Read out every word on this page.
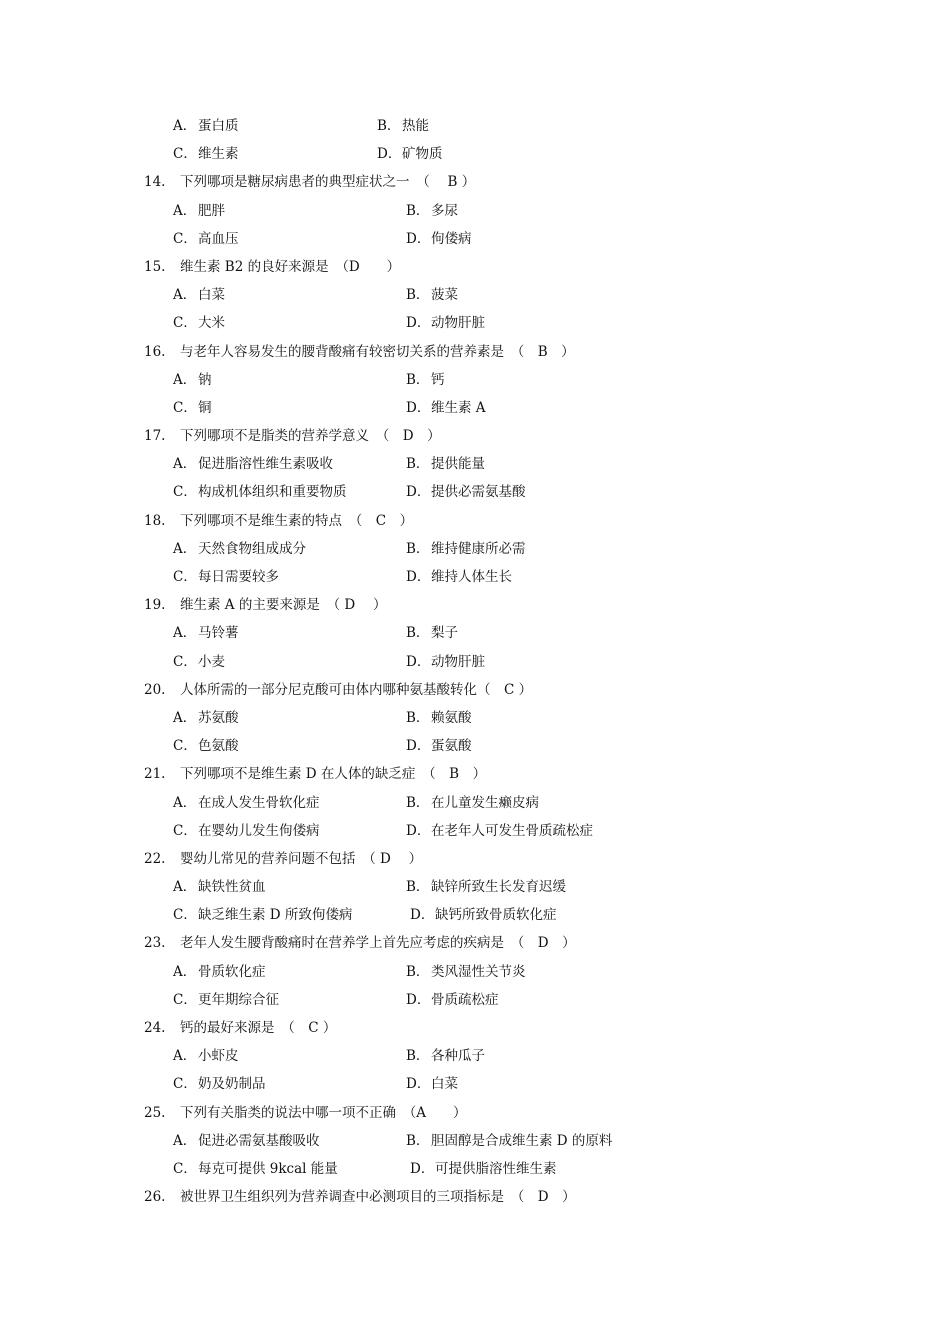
A． 蛋白质	B． 热能
C．维生素	D．矿物质
14. 下列哪项是糖尿病患者的典型症状之一　（　 B ）
A． 肥胖	B． 多尿
C．高血压	D．佝偻病
15. 维生素 B2 的良好来源是　（D　　）
A． 白菜	B． 菠菜
C．大米	D．动物肝脏
16. 与老年人容易发生的腰背酸痛有较密切关系的营养素是　（　B　）
A． 钠	B． 钙
C．铜	D．维生素 A
17. 下列哪项不是脂类的营养学意义　（　D　）
A． 促进脂溶性维生素吸收	B． 提供能量
C．构成机体组织和重要物质	D．提供必需氨基酸
18. 下列哪项不是维生素的特点　（　C　）
A． 天然食物组成成分	B． 维持健康所必需
C．每日需要较多	D．维持人体生长
19. 维生素 A 的主要来源是　（ D　 ）
A． 马铃薯	B． 梨子
C．小麦	D．动物肝脏
20. 人体所需的一部分尼克酸可由体内哪种氨基酸转化（　C ）
A． 苏氨酸	B． 赖氨酸
C．色氨酸	D．蛋氨酸
21. 下列哪项不是维生素 D 在人体的缺乏症　（　B　）
A． 在成人发生骨软化症	B． 在儿童发生癞皮病
C．在婴幼儿发生佝偻病	D．在老年人可发生骨质疏松症
22. 婴幼儿常见的营养问题不包括　（ D　 ）
A． 缺铁性贫血	B． 缺锌所致生长发育迟缓
C．缺乏维生素 D 所致佝偻病	D．缺钙所致骨质软化症
23. 老年人发生腰背酸痛时在营养学上首先应考虑的疾病是　（　D　）
A． 骨质软化症	B． 类风湿性关节炎
C．更年期综合征	D．骨质疏松症
24. 钙的最好来源是　（　C ）
A． 小虾皮	B． 各种瓜子
C．奶及奶制品	D．白菜
25. 下列有关脂类的说法中哪一项不正确　（A　　）
A． 促进必需氨基酸吸收	B． 胆固醇是合成维生素 D 的原料
C．每克可提供 9kcal 能量	D．可提供脂溶性维生素
26. 被世界卫生组织列为营养调查中必测项目的三项指标是　（　D　）
